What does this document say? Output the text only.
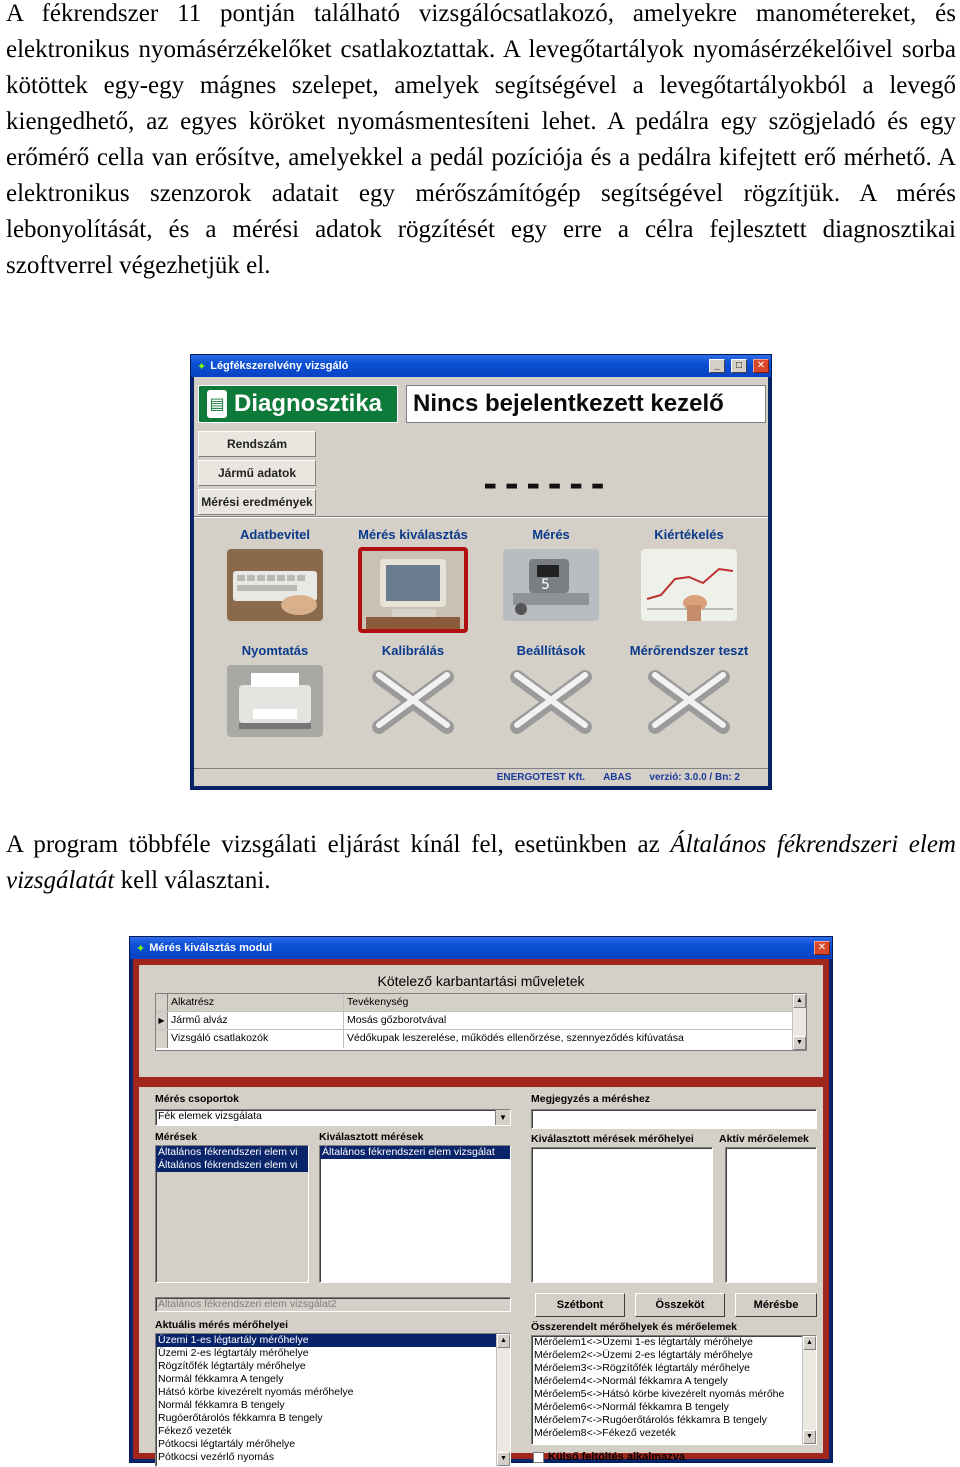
A fékrendszer 11 pontján található vizsgálócsatlakozó, amelyekre manométereket, és elektronikus nyomásérzékelőket csatlakoztattak. A levegőtartályok nyomásérzékelőivel sorba kötöttek egy-egy mágnes szelepet, amelyek segítségével a levegőtartályokból a levegő kiengedhető, az egyes köröket nyomásmentesíteni lehet. A pedálra egy szögjeladó és egy erőmérő cella van erősítve, amelyekkel a pedál pozíciója és a pedálra kifejtett erő mérhető. A elektronikus szenzorok adatait egy mérőszámítógép segítségével rögzítjük. A mérés lebonyolítását, és a mérési adatok rögzítését egy erre a célra fejlesztett diagnosztikai szoftverrel végezhetjük el.

✦ Légfékszerelvény vizsgáló	_	□	✕
▤ Diagnosztika Nincs bejelentkezett kezelő
Rendszám
Jármű adatok
Mérési eredmények	------
Adatbevitel	Mérés kiválasztás	Mérés
5
Kiértékelés
Nyomtatás	Kalibrálás	Beállítások	Mérőrendszer teszt
ENERGOTEST Kft. ABAS verzió: 3.0.0 / Bn: 2

A program többféle vizsgálati eljárást kínál fel, esetünkben az Általános fékrendszeri elem vizsgálatát kell választani.

✦ Mérés kiválsztás modul	✕
Kötelező karbantartási műveletek
Alkatrész	Tevékenység
▶ Jármű alváz	Mosás gőzborotvával
Vizsgáló csatlakozók	Védőkupak leszerelése, működés ellenőrzése, szennyeződés kifúvatása
▲
▼
Mérés csoportok
Fék elemek vizsgálata	▼
Mérések	Kiválasztott mérések
Általános fékrendszeri elem vi
Általános fékrendszeri elem vi
Általános fékrendszeri elem vizsgálat
Általános fékrendszeri elem vizsgálat2
Aktuális mérés mérőhelyei
Üzemi 1-es légtartály mérőhelye
Üzemi 2-es légtartály mérőhelye
Rögzítőfék légtartály mérőhelye
Normál fékkamra A tengely
Hátsó körbe kivezérelt nyomás mérőhelye
Normál fékkamra B tengely
Rugóerőtárolós fékkamra B tengely
Fékező vezeték
Pótkocsi légtartály mérőhelye
Pótkocsi vezérlő nyomás
▲
▼
Megjegyzés a méréshez
Kiválasztott mérések mérőhelyei Aktív mérőelemek
Szétbont	Összeköt	Mérésbe
Összerendelt mérőhelyek és mérőelemek
Mérőelem1<->Üzemi 1-es légtartály mérőhelye
Mérőelem2<->Üzemi 2-es légtartály mérőhelye
Mérőelem3<->Rögzítőfék légtartály mérőhelye
Mérőelem4<->Normál fékkamra A tengely
Mérőelem5<->Hátsó körbe kivezérelt nyomás mérőhe
Mérőelem6<->Normál fékkamra B tengely
Mérőelem7<->Rugóerőtárolós fékkamra B tengely
Mérőelem8<->Fékező vezeték
▲
▼
Külső feltöltés alkalmazva
